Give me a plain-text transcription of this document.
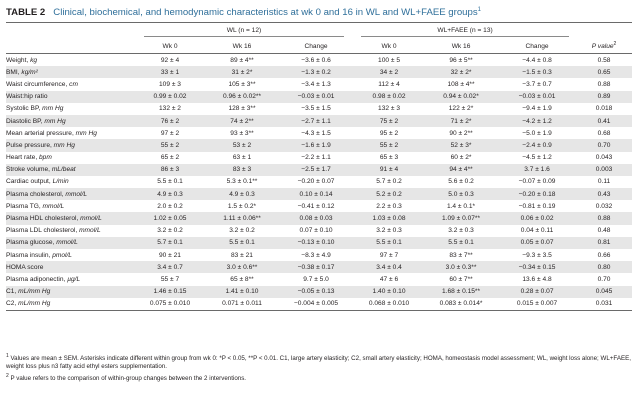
TABLE 2 Clinical, biochemical, and hemodynamic characteristics at wk 0 and 16 in WL and WL+FAEE groups$^1$
	WL (n = 12)			WL+FAEE (n = 13)			
	Wk 0	Wk 16	Change	Wk 0	Wk 16	Change	P value$^2$
Weight, kg	92 ± 4	89 ± 4**	−3.6 ± 0.6	100 ± 5	96 ± 5**	−4.4 ± 0.8	0.58
BMI, kg/m²	33 ± 1	31 ± 2*	−1.3 ± 0.2	34 ± 2	32 ± 2*	−1.5 ± 0.3	0.65
Waist circumference, cm	109 ± 3	105 ± 3**	−3.4 ± 1.3	112 ± 4	108 ± 4**	−3.7 ± 0.7	0.88
Waist:hip ratio	0.99 ± 0.02	0.96 ± 0.02**	−0.03 ± 0.01	0.98 ± 0.02	0.94 ± 0.02*	−0.03 ± 0.01	0.89
Systolic BP, mm Hg	132 ± 2	128 ± 3**	−3.5 ± 1.5	132 ± 3	122 ± 2*	−9.4 ± 1.9	0.018
Diastolic BP, mm Hg	76 ± 2	74 ± 2**	−2.7 ± 1.1	75 ± 2	71 ± 2*	−4.2 ± 1.2	0.41
Mean arterial pressure, mm Hg	97 ± 2	93 ± 3**	−4.3 ± 1.5	95 ± 2	90 ± 2**	−5.0 ± 1.9	0.68
Pulse pressure, mm Hg	55 ± 2	53 ± 2	−1.6 ± 1.9	55 ± 2	52 ± 3*	−2.4 ± 0.9	0.70
Heart rate, bpm	65 ± 2	63 ± 1	−2.2 ± 1.1	65 ± 3	60 ± 2*	−4.5 ± 1.2	0.043
Stroke volume, mL/beat	86 ± 3	83 ± 3	−2.5 ± 1.7	91 ± 4	94 ± 4**	3.7 ± 1.6	0.003
Cardiac output, L/min	5.5 ± 0.1	5.3 ± 0.1**	−0.20 ± 0.07	5.7 ± 0.2	5.6 ± 0.2	−0.07 ± 0.09	0.11
Plasma cholesterol, mmol/L	4.9 ± 0.3	4.9 ± 0.3	0.10 ± 0.14	5.2 ± 0.2	5.0 ± 0.3	−0.20 ± 0.18	0.43
Plasma TG, mmol/L	2.0 ± 0.2	1.5 ± 0.2*	−0.41 ± 0.12	2.2 ± 0.3	1.4 ± 0.1*	−0.81 ± 0.19	0.032
Plasma HDL cholesterol, mmol/L	1.02 ± 0.05	1.11 ± 0.06**	0.08 ± 0.03	1.03 ± 0.08	1.09 ± 0.07**	0.06 ± 0.02	0.88
Plasma LDL cholesterol, mmol/L	3.2 ± 0.2	3.2 ± 0.2	0.07 ± 0.10	3.2 ± 0.3	3.2 ± 0.3	0.04 ± 0.11	0.48
Plasma glucose, mmol/L	5.7 ± 0.1	5.5 ± 0.1	−0.13 ± 0.10	5.5 ± 0.1	5.5 ± 0.1	0.05 ± 0.07	0.81
Plasma insulin, pmol/L	90 ± 21	83 ± 21	−8.3 ± 4.9	97 ± 7	83 ± 7**	−9.3 ± 3.5	0.66
HOMA score	3.4 ± 0.7	3.0 ± 0.6**	−0.38 ± 0.17	3.4 ± 0.4	3.0 ± 0.3**	−0.34 ± 0.15	0.80
Plasma adiponectin, µg/L	55 ± 7	65 ± 8**	9.7 ± 5.0	47 ± 6	60 ± 7**	13.6 ± 4.8	0.70
C1, mL/mm Hg	1.46 ± 0.15	1.41 ± 0.10	−0.05 ± 0.13	1.40 ± 0.10	1.68 ± 0.15**	0.28 ± 0.07	0.045
C2, mL/mm Hg	0.075 ± 0.010	0.071 ± 0.011	−0.004 ± 0.005	0.068 ± 0.010	0.083 ± 0.014*	0.015 ± 0.007	0.031

$^1$ Values are mean ± SEM. Asterisks indicate different within group from wk 0: *P < 0.05, **P < 0.01. C1, large artery elasticity; C2, small artery elasticity; HOMA, homeostasis model assessment; WL, weight loss alone; WL+FAEE, weight loss plus n3 fatty acid ethyl esters supplementation.

$^2$ P value refers to the comparison of within-group changes between the 2 interventions.
